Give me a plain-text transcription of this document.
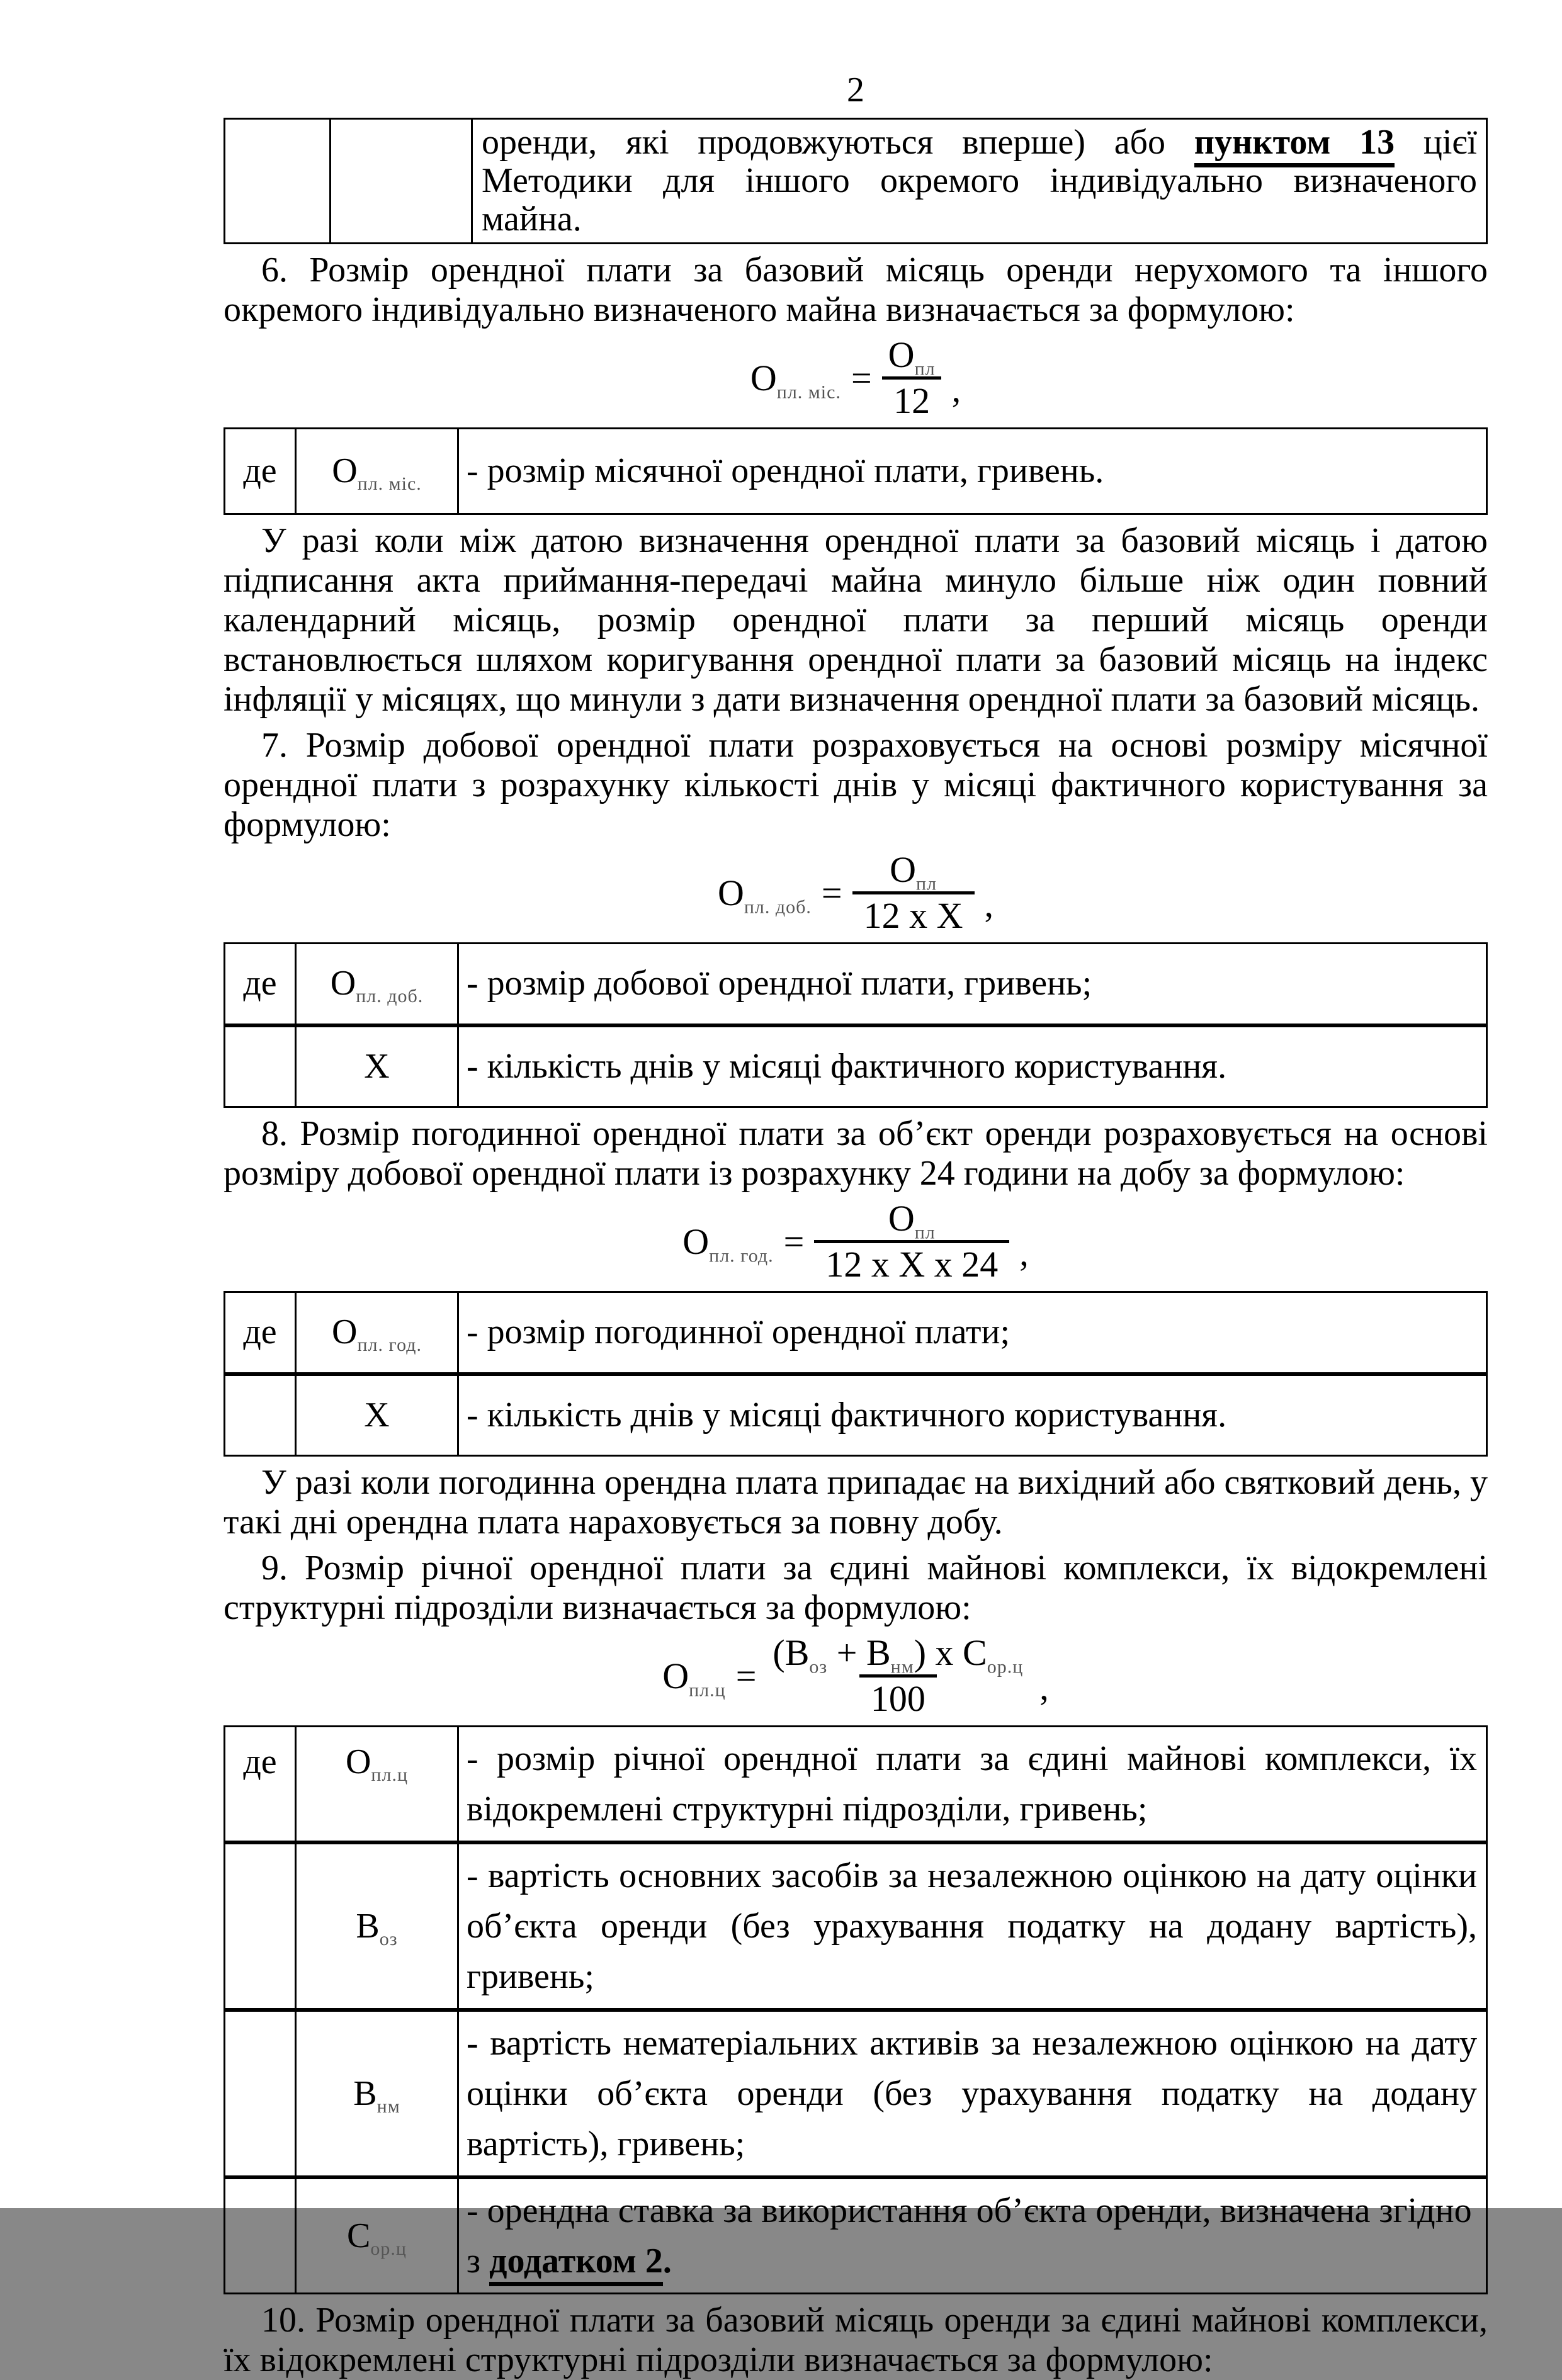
2
		оренди, які продовжуються вперше) або пунктом 13 цієї Методики для іншого окремого індивідуально визначеного майна.

6. Розмір орендної плати за базовий місяць оренди нерухомого та іншого окремого індивідуально визначеного майна визначається за формулою:

$О_{пл. міс.} = \frac{О_{пл}}{12}$ ,
де	$О_{пл. міс.}$	- розмір місячної орендної плати, гривень.

У разі коли між датою визначення орендної плати за базовий місяць і датою підписання акта приймання-передачі майна минуло більше ніж один повний календарний місяць, розмір орендної плати за перший місяць оренди встановлюється шляхом коригування орендної плати за базовий місяць на індекс інфляції у місяцях, що минули з дати визначення орендної плати за базовий місяць.

7. Розмір добової орендної плати розраховується на основі розміру місячної орендної плати з розрахунку кількості днів у місяці фактичного користування за формулою:

$О_{пл. доб.} = \frac{О_{пл}}{\text{12 х Х}}$ ,
де	$О_{пл. доб.}$	- розмір добової орендної плати, гривень;
	Х	- кількість днів у місяці фактичного користування.

8. Розмір погодинної орендної плати за об’єкт оренди розраховується на основі розміру добової орендної плати із розрахунку 24 години на добу за формулою:

$О_{пл. год.} = \frac{О_{пл}}{\text{12 х Х х 24}}$ ,
де	$О_{пл. год.}$	- розмір погодинної орендної плати;
	Х	- кількість днів у місяці фактичного користування.

У разі коли погодинна орендна плата припадає на вихідний або святковий день, у такі дні орендна плата нараховується за повну добу.

9. Розмір річної орендної плати за єдині майнові комплекси, їх відокремлені структурні підрозділи визначається за формулою:

$О_{пл.ц} = \frac{(В_{оз} + В_{нм}) х С_{ор.ц}}{100}$ ,
де	$О_{пл.ц}$	- розмір річної орендної плати за єдині майнові комплекси, їх відокремлені структурні підрозділи, гривень;
	$В_{оз}$	- вартість основних засобів за незалежною оцінкою на дату оцінки об’єкта оренди (без урахування податку на додану вартість), гривень;
	$В_{нм}$	- вартість нематеріальних активів за незалежною оцінкою на дату оцінки об’єкта оренди (без урахування податку на додану вартість), гривень;
	$С_{ор.ц}$	- орендна ставка за використання об’єкта оренди, визначена згідно
з додатком 2.

10. Розмір орендної плати за базовий місяць оренди за єдині майнові комплекси, їх відокремлені структурні підрозділи визначається за формулою:
